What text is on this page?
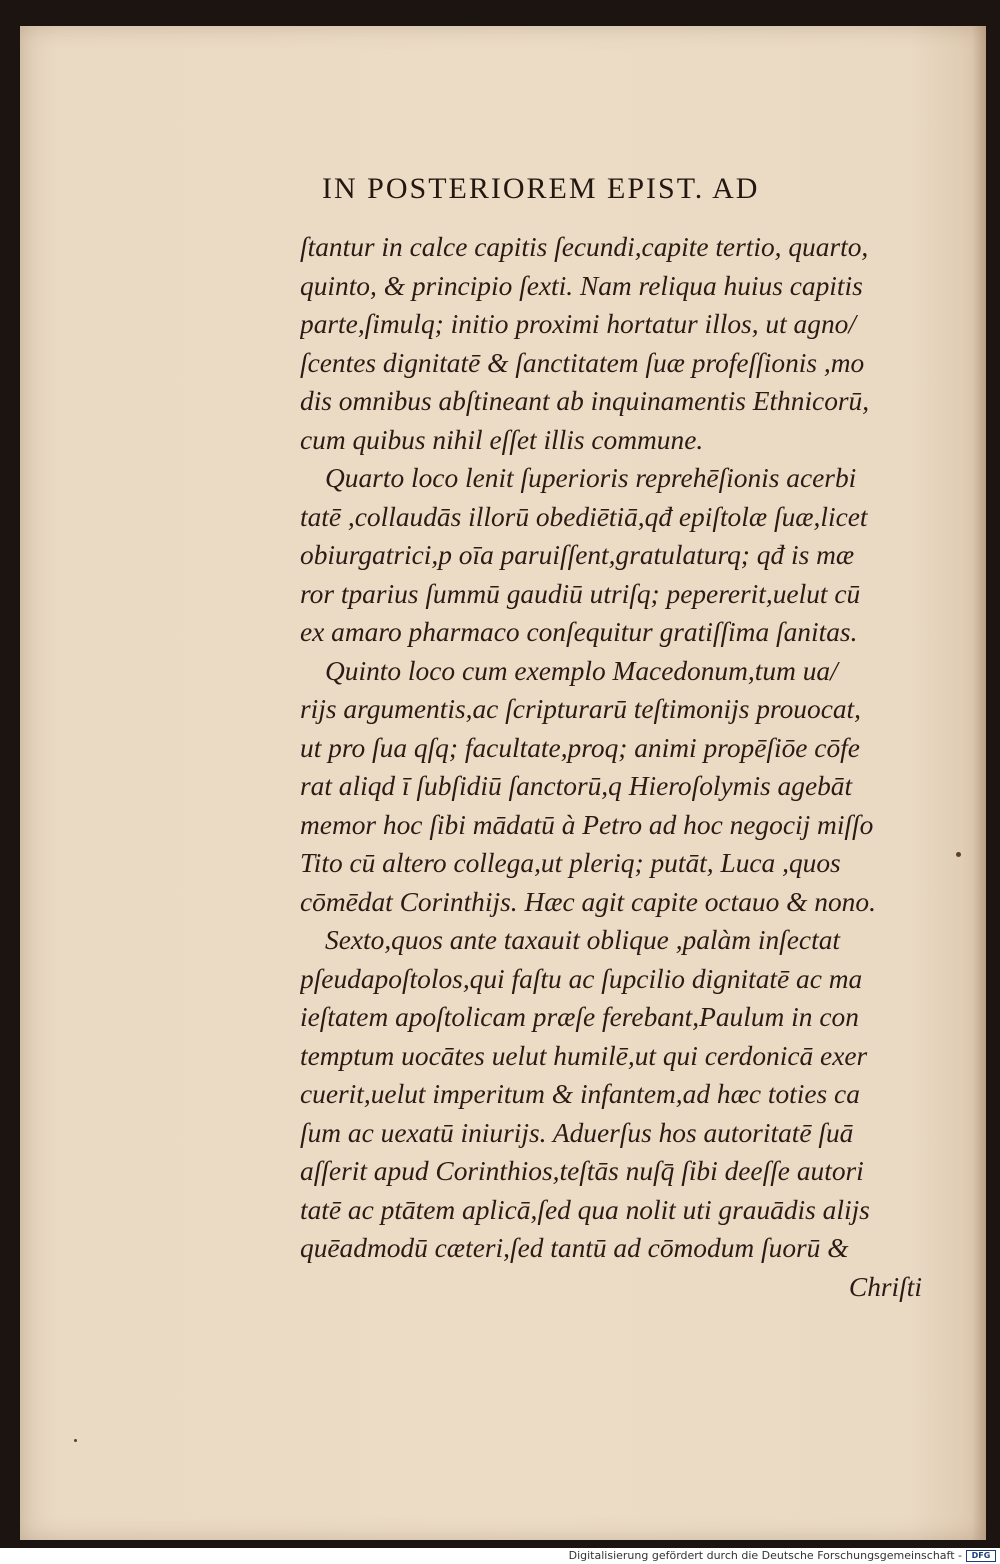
IN POSTERIOREM EPIST. AD
ſtantur in calce capitis ſecundi,capite tertio, quarto,
quinto, & principio ſexti. Nam reliqua huius capitis
parte,ſimulq; initio proximi hortatur illos, ut agno/
ſcentes dignitatē & ſanctitatem ſuæ profeſſionis ,mo
dis omnibus abſtineant ab inquinamentis Ethnicorū,
cum quibus nihil eſſet illis commune.
Quarto loco lenit ſuperioris reprehēſionis acerbi
tatē ,collaudās illorū obediētiā,qđ epiſtolæ ſuæ,licet
obiurgatrici,p oīa paruiſſent,gratulaturq; qđ is mæ
ror tparius ſummū gaudiū utriſq; pepererit,uelut cū
ex amaro pharmaco conſequitur gratiſſima ſanitas.
Quinto loco cum exemplo Macedonum,tum ua/
rijs argumentis,ac ſcripturarū teſtimonijs prouocat,
ut pro ſua qſq; facultate,proq; animi propēſiōe cōfe
rat aliqd ī ſubſidiū ſanctorū,q Hieroſolymis agebāt
memor hoc ſibi mādatū à Petro ad hoc negocij miſſo
Tito cū altero collega,ut pleriq; putāt, Luca ,quos
cōmēdat Corinthijs. Hæc agit capite octauo & nono.
Sexto,quos ante taxauit oblique ,palàm inſectat
pſeudapoſtolos,qui faſtu ac ſupcilio dignitatē ac ma
ieſtatem apoſtolicam præſe ferebant,Paulum in con
temptum uocātes uelut humilē,ut qui cerdonicā exer
cuerit,uelut imperitum & infantem,ad hæc toties ca
ſum ac uexatū iniurijs. Aduerſus hos autoritatē ſuā
aſſerit apud Corinthios,teſtās nuſq̄ ſibi deeſſe autori
tatē ac ptātem aplicā,ſed qua nolit uti grauādis alijs
quēadmodū cæteri,ſed tantū ad cōmodum ſuorū &
Chriſti
Digitalisierung gefördert durch die Deutsche Forschungsgemeinschaft -	DFG
